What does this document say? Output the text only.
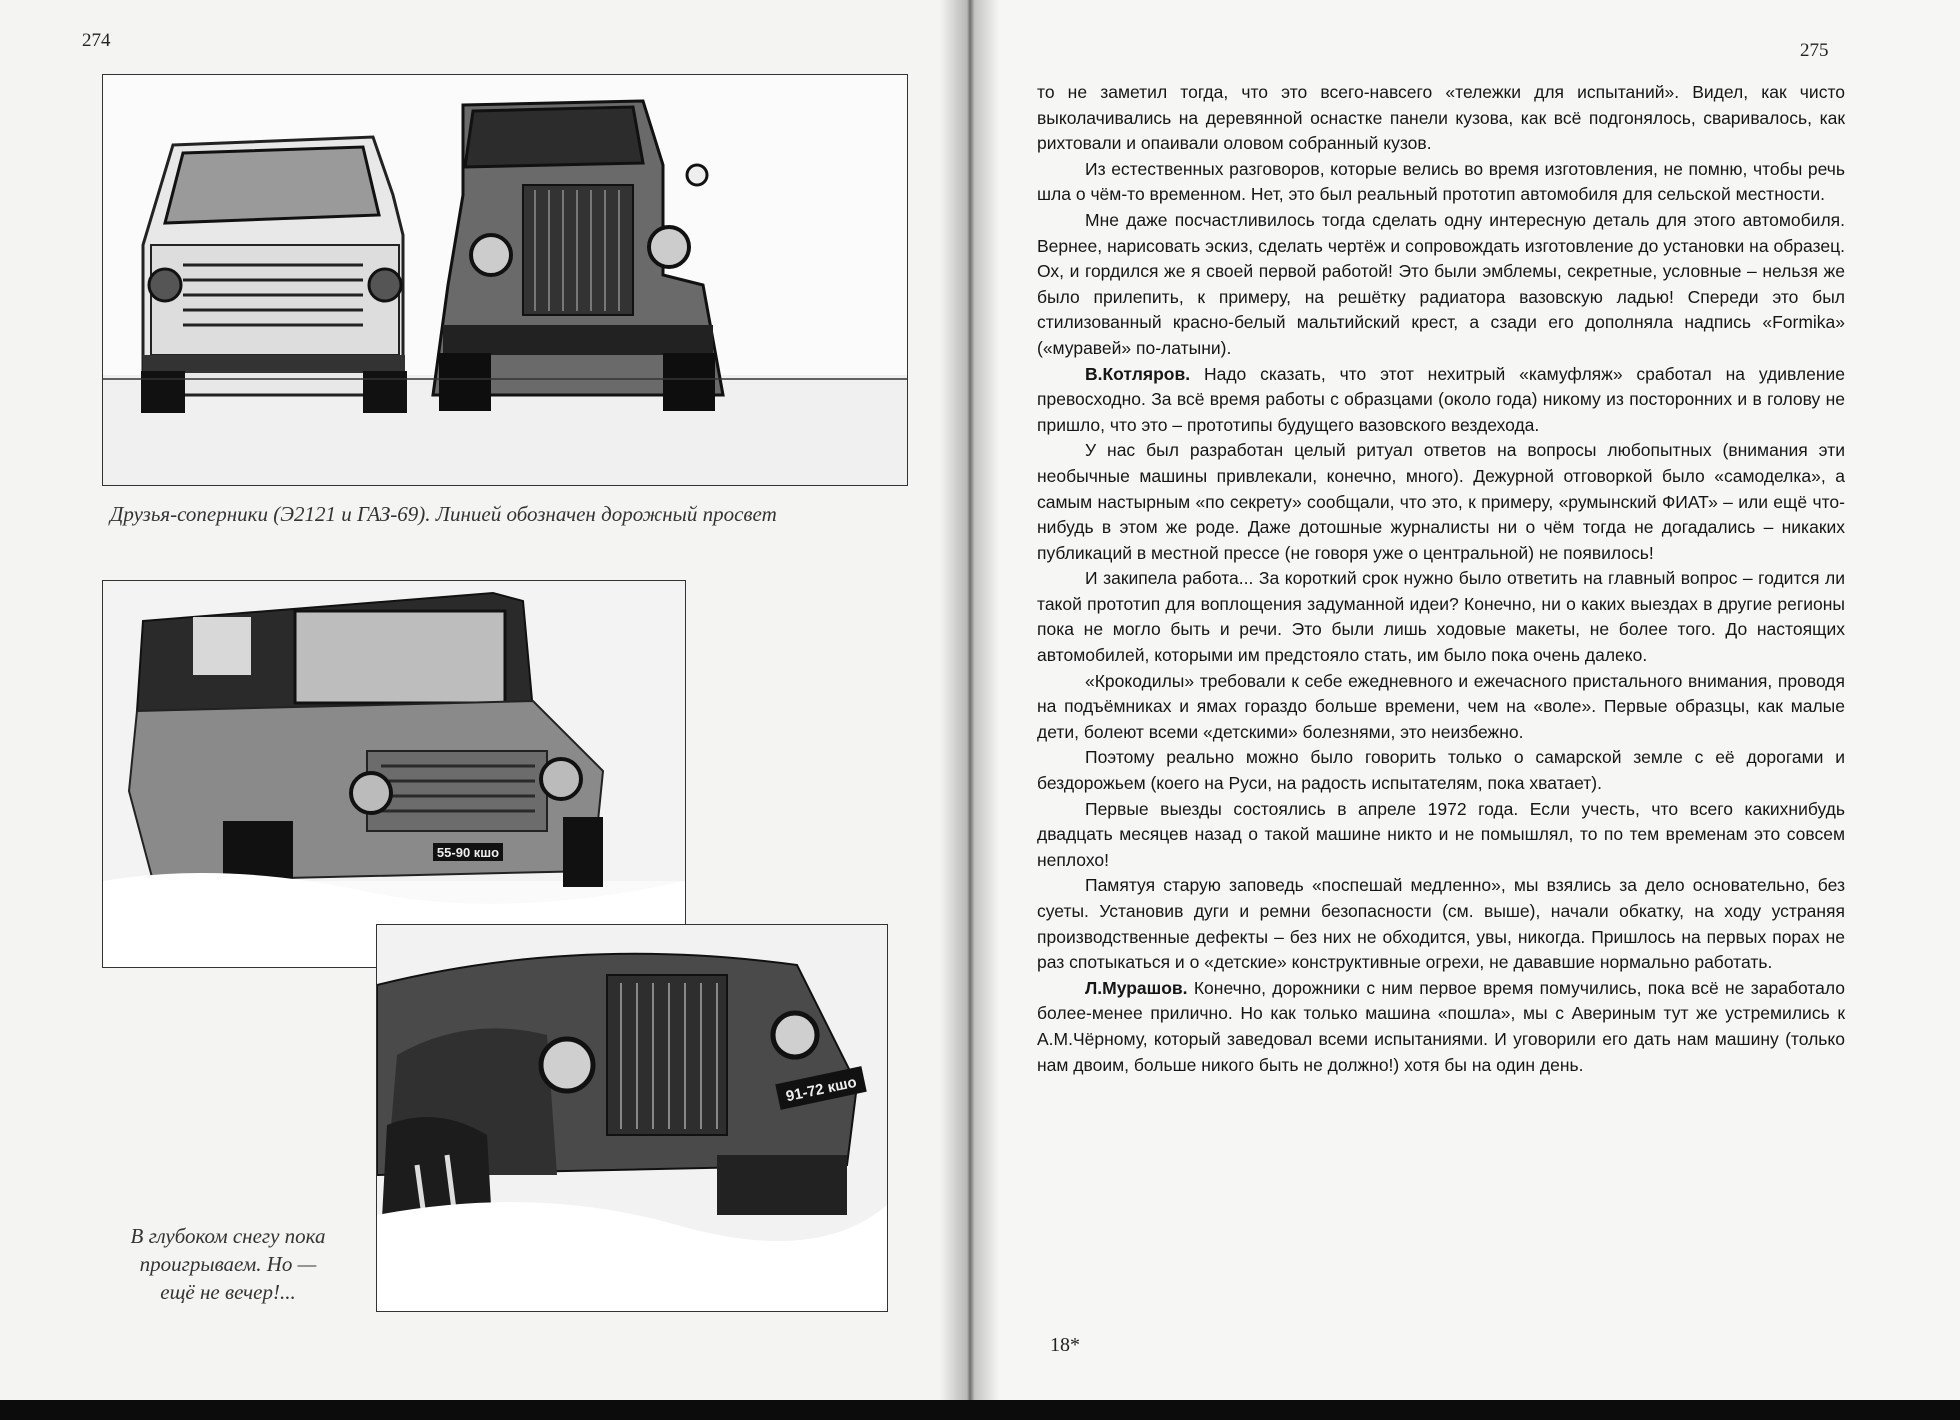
274
Друзья-соперники (Э2121 и ГАЗ-69). Линией обозначен дорожный просвет
55-90 кшо
91-72 кшо
В глубоком снегу пока
проигрываем. Но —
ещё не вечер!...
275

то не заметил тогда, что это всего-навсего «тележки для испытаний». Видел, как чисто выколачивались на деревянной оснастке панели кузова, как всё подгонялось, сваривалось, как рихтовали и опаивали оловом собранный кузов.

Из естественных разговоров, которые велись во время изготовления, не помню, чтобы речь шла о чём-то временном. Нет, это был реальный прототип автомобиля для сельской местности.

Мне даже посчастливилось тогда сделать одну интересную деталь для этого автомобиля. Вернее, нарисовать эскиз, сделать чертёж и сопровождать изготовление до установки на образец. Ох, и гордился же я своей первой работой! Это были эмблемы, секретные, условные – нельзя же было прилепить, к примеру, на решётку радиатора вазовскую ладью! Спереди это был стилизованный красно-белый мальтийский крест, а сзади его дополняла надпись «Formika» («муравей» по-латыни).

В.Котляров. Надо сказать, что этот нехитрый «камуфляж» сработал на удивление превосходно. За всё время работы с образцами (около года) никому из посторонних и в голову не пришло, что это – прототипы будущего вазовского вездехода.

У нас был разработан целый ритуал ответов на вопросы любопытных (внимания эти необычные машины привлекали, конечно, много). Дежурной отговоркой было «самоделка», а самым настырным «по секрету» сообщали, что это, к примеру, «румынский ФИАТ» – или ещё что-нибудь в этом же роде. Даже дотошные журналисты ни о чём тогда не догадались – никаких публикаций в местной прессе (не говоря уже о центральной) не появилось!

И закипела работа... За короткий срок нужно было ответить на главный вопрос – годится ли такой прототип для воплощения задуманной идеи? Конечно, ни о каких выездах в другие регионы пока не могло быть и речи. Это были лишь ходовые макеты, не более того. До настоящих автомобилей, которыми им предстояло стать, им было пока очень далеко.

«Крокодилы» требовали к себе ежедневного и ежечасного пристального внимания, проводя на подъёмниках и ямах гораздо больше времени, чем на «воле». Первые образцы, как малые дети, болеют всеми «детскими» болезнями, это неизбежно.

Поэтому реально можно было говорить только о самарской земле с её дорогами и бездорожьем (коего на Руси, на радость испытателям, пока хватает).

Первые выезды состоялись в апреле 1972 года. Если учесть, что всего какихнибудь двадцать месяцев назад о такой машине никто и не помышлял, то по тем временам это совсем неплохо!

Памятуя старую заповедь «поспешай медленно», мы взялись за дело основательно, без суеты. Установив дуги и ремни безопасности (см. выше), начали обкатку, на ходу устраняя производственные дефекты – без них не обходится, увы, никогда. Пришлось на первых порах не раз спотыкаться и о «детские» конструктивные огрехи, не дававшие нормально работать.

Л.Мурашов. Конечно, дорожники с ним первое время помучились, пока всё не заработало более-менее прилично. Но как только машина «пошла», мы с Авериным тут же устремились к А.М.Чёрному, который заведовал всеми испытаниями. И уговорили его дать нам машину (только нам двоим, больше никого быть не должно!) хотя бы на один день.

18*
